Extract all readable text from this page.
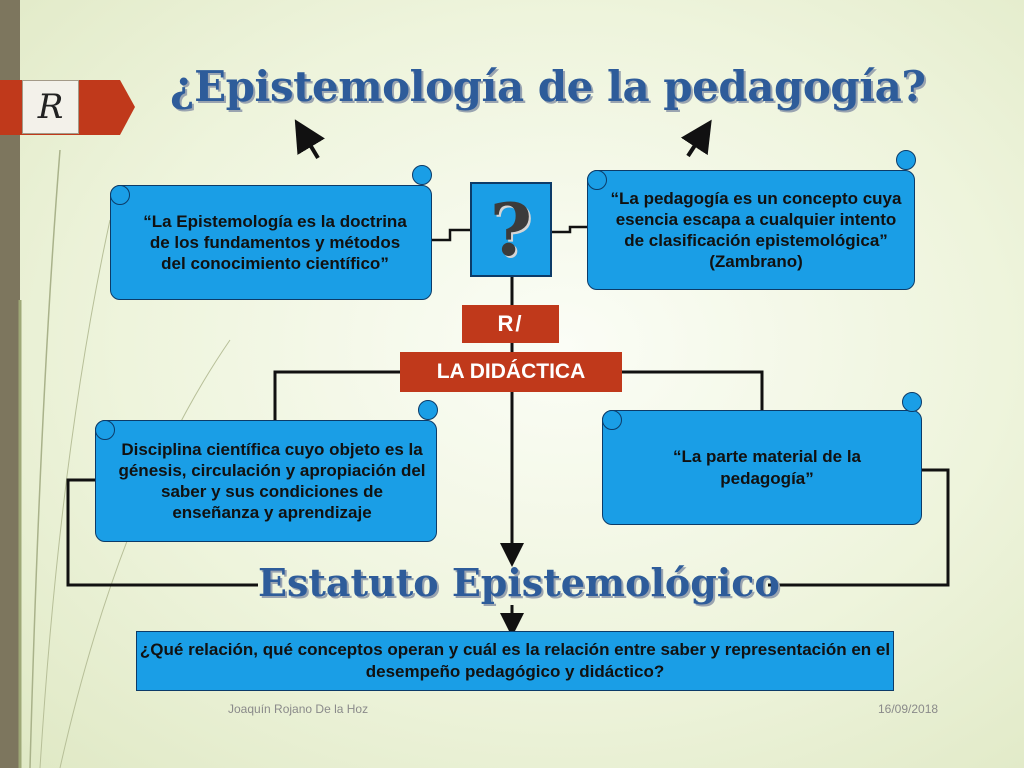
R	¿Epistemología de la pedagogía?
“La Epistemología es la doctrina de los fundamentos y métodos del conocimiento científico”	?	“La pedagogía es un concepto cuya esencia escapa a cualquier intento de clasificación epistemológica” (Zambrano)
R/
LA DIDÁCTICA
Disciplina científica cuyo objeto es la génesis, circulación y apropiación del saber y sus condiciones de enseñanza y aprendizaje
“La parte material de la pedagogía”
Estatuto Epistemológico
¿Qué relación, qué conceptos operan y cuál es la relación entre saber y representación en el desempeño pedagógico y didáctico?
Joaquín Rojano De la Hoz	16/09/2018
